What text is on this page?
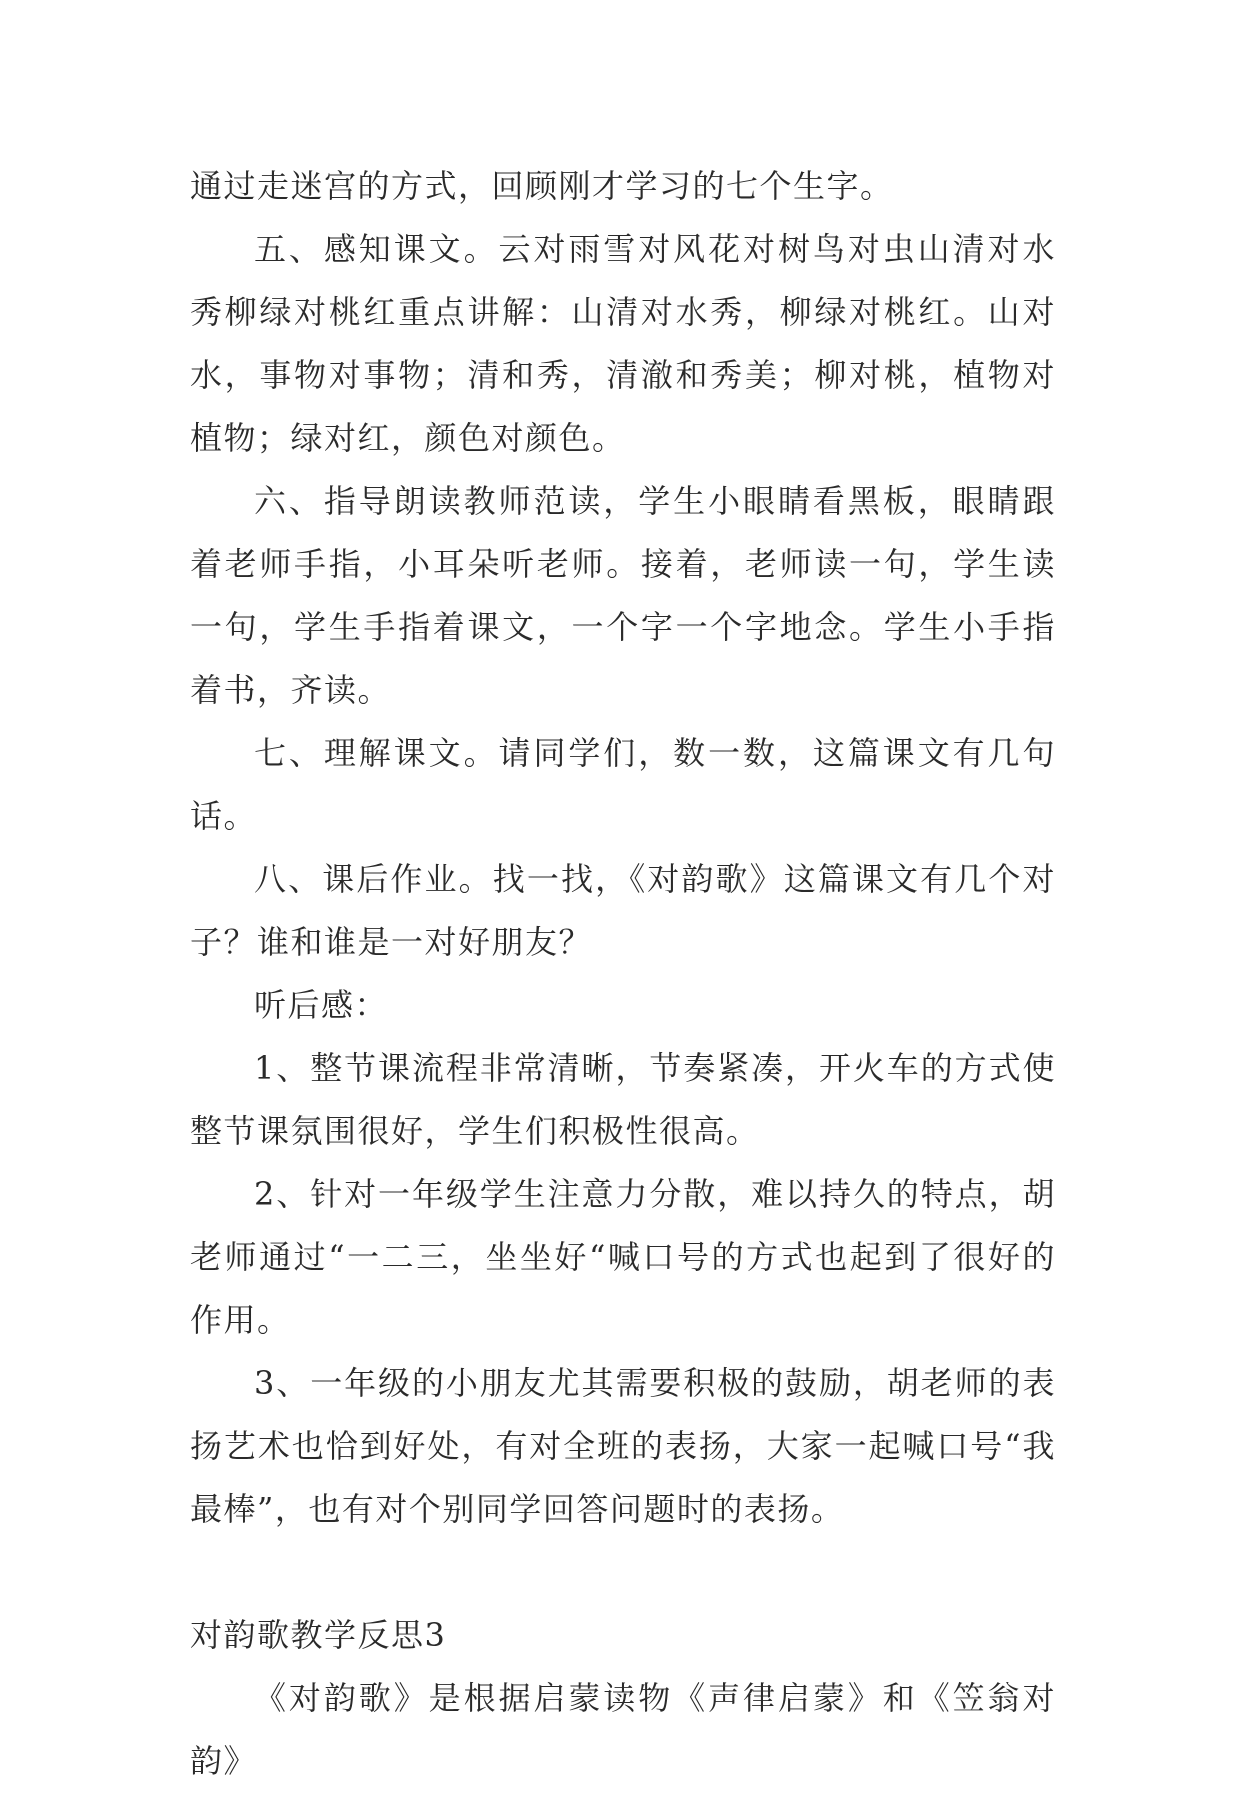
通过走迷宫的方式，回顾刚才学习的七个生字。

五、感知课文。云对雨雪对风花对树鸟对虫山清对水秀柳绿对桃红重点讲解：山清对水秀，柳绿对桃红。山对水，事物对事物；清和秀，清澈和秀美；柳对桃，植物对植物；绿对红，颜色对颜色。

六、指导朗读教师范读，学生小眼睛看黑板，眼睛跟着老师手指，小耳朵听老师。接着，老师读一句，学生读一句，学生手指着课文，一个字一个字地念。学生小手指着书，齐读。

七、理解课文。请同学们，数一数，这篇课文有几句话。

八、课后作业。找一找，《对韵歌》这篇课文有几个对子？谁和谁是一对好朋友？

听后感：

1、整节课流程非常清晰，节奏紧凑，开火车的方式使整节课氛围很好，学生们积极性很高。

2、针对一年级学生注意力分散，难以持久的特点，胡老师通过“一二三，坐坐好“喊口号的方式也起到了很好的作用。

3、一年级的小朋友尤其需要积极的鼓励，胡老师的表扬艺术也恰到好处，有对全班的表扬，大家一起喊口号“我最棒”，也有对个别同学回答问题时的表扬。

对韵歌教学反思3

《对韵歌》是根据启蒙读物《声律启蒙》和《笠翁对韵》
